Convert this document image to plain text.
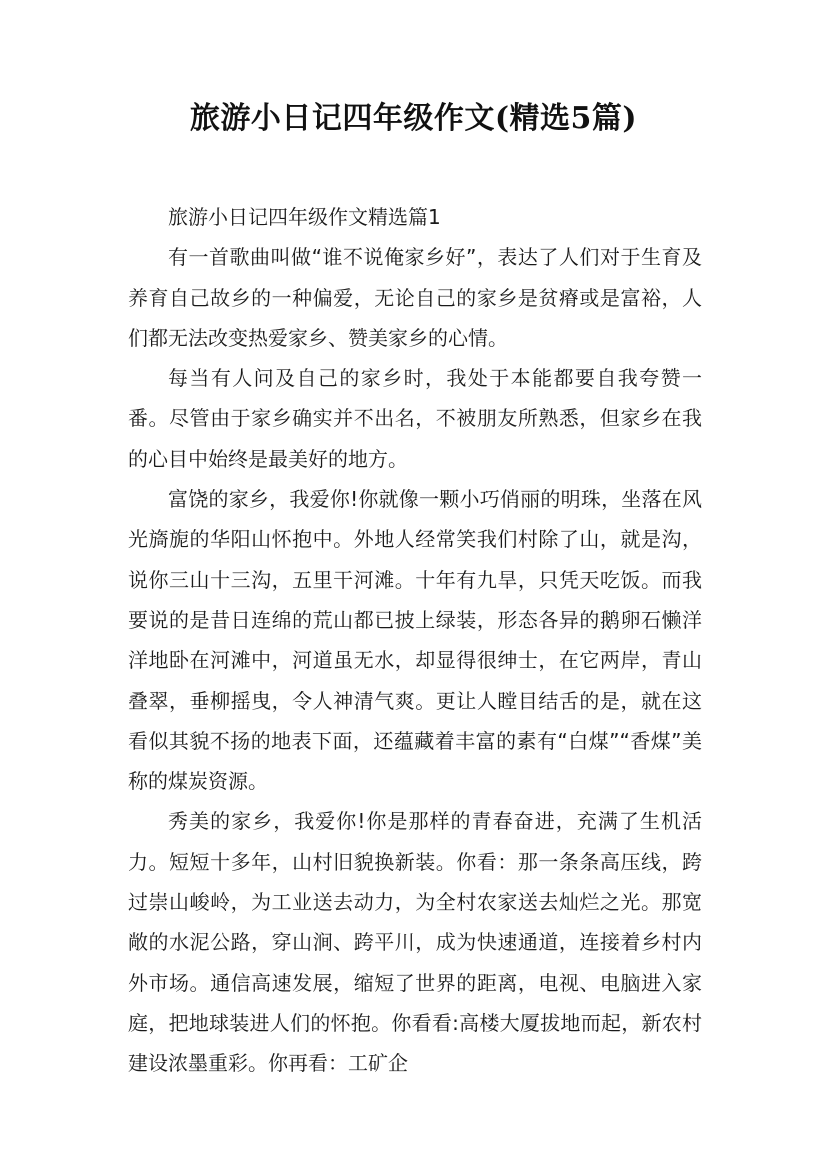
旅游小日记四年级作文(精选5篇)

旅游小日记四年级作文精选篇1

有一首歌曲叫做“谁不说俺家乡好”，表达了人们对于生育及养育自己故乡的一种偏爱，无论自己的家乡是贫瘠或是富裕，人们都无法改变热爱家乡、赞美家乡的心情。

每当有人问及自己的家乡时，我处于本能都要自我夸赞一番。尽管由于家乡确实并不出名，不被朋友所熟悉，但家乡在我的心目中始终是最美好的地方。

富饶的家乡，我爱你!你就像一颗小巧俏丽的明珠，坐落在风光旖旎的华阳山怀抱中。外地人经常笑我们村除了山，就是沟，说你三山十三沟，五里干河滩。十年有九旱，只凭天吃饭。而我要说的是昔日连绵的荒山都已披上绿装，形态各异的鹅卵石懒洋洋地卧在河滩中，河道虽无水，却显得很绅士，在它两岸，青山叠翠，垂柳摇曳，令人神清气爽。更让人瞠目结舌的是，就在这看似其貌不扬的地表下面，还蕴藏着丰富的素有“白煤”“香煤”美称的煤炭资源。

秀美的家乡，我爱你!你是那样的青春奋进，充满了生机活力。短短十多年，山村旧貌换新装。你看：那一条条高压线，跨过崇山峻岭，为工业送去动力，为全村农家送去灿烂之光。那宽敞的水泥公路，穿山涧、跨平川，成为快速通道，连接着乡村内外市场。通信高速发展，缩短了世界的距离，电视、电脑进入家庭，把地球装进人们的怀抱。你看看:高楼大厦拔地而起，新农村建设浓墨重彩。你再看：工矿企
